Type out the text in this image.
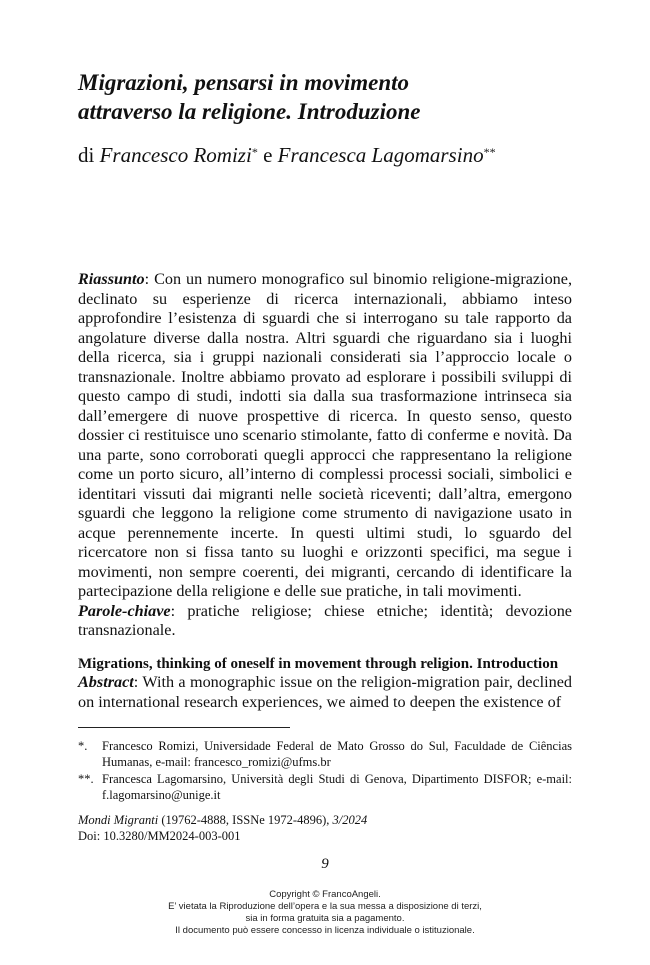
Migrazioni, pensarsi in movimento
attraverso la religione. Introduzione
di Francesco Romizi* e Francesca Lagomarsino**

Riassunto: Con un numero monografico sul binomio religione-migrazione, declinato su esperienze di ricerca internazionali, abbiamo inteso approfondire l’esistenza di sguardi che si interrogano su tale rapporto da angolature diverse dalla nostra. Altri sguardi che riguardano sia i luoghi della ricerca, sia i gruppi nazionali considerati sia l’approccio locale o transnazionale. Inoltre abbiamo provato ad esplorare i possibili sviluppi di questo campo di studi, indotti sia dalla sua trasformazione intrinseca sia dall’emergere di nuove prospettive di ricerca. In questo senso, questo dossier ci restituisce uno scenario stimolante, fatto di conferme e novità. Da una parte, sono corroborati quegli approcci che rappresentano la religione come un porto sicuro, all’interno di complessi processi sociali, simbolici e identitari vissuti dai migranti nelle società riceventi; dall’altra, emergono sguardi che leggono la religione come strumento di navigazione usato in acque perennemente incerte. In questi ultimi studi, lo sguardo del ricercatore non si fissa tanto su luoghi e orizzonti specifici, ma segue i movimenti, non sempre coerenti, dei migranti, cercando di identificare la partecipazione della religione e delle sue pratiche, in tali movimenti.

Parole-chiave: pratiche religiose; chiese etniche; identità; devozione transnazionale.

Migrations, thinking of oneself in movement through religion. Introduction

Abstract: With a monographic issue on the religion-migration pair, declined on international research experiences, we aimed to deepen the existence of

*.	Francesco Romizi, Universidade Federal de Mato Grosso do Sul, Faculdade de Ciências Humanas, e-mail: francesco_romizi@ufms.br
**. Francesca Lagomarsino, Università degli Studi di Genova, Dipartimento DISFOR; e-mail: f.lagomarsino@unige.it
Mondi Migranti (19762-4888, ISSNe 1972-4896), 3/2024
Doi: 10.3280/MM2024-003-001
9
Copyright © FrancoAngeli.
E’ vietata la Riproduzione dell’opera e la sua messa a disposizione di terzi,
sia in forma gratuita sia a pagamento.
Il documento può essere concesso in licenza individuale o istituzionale.
